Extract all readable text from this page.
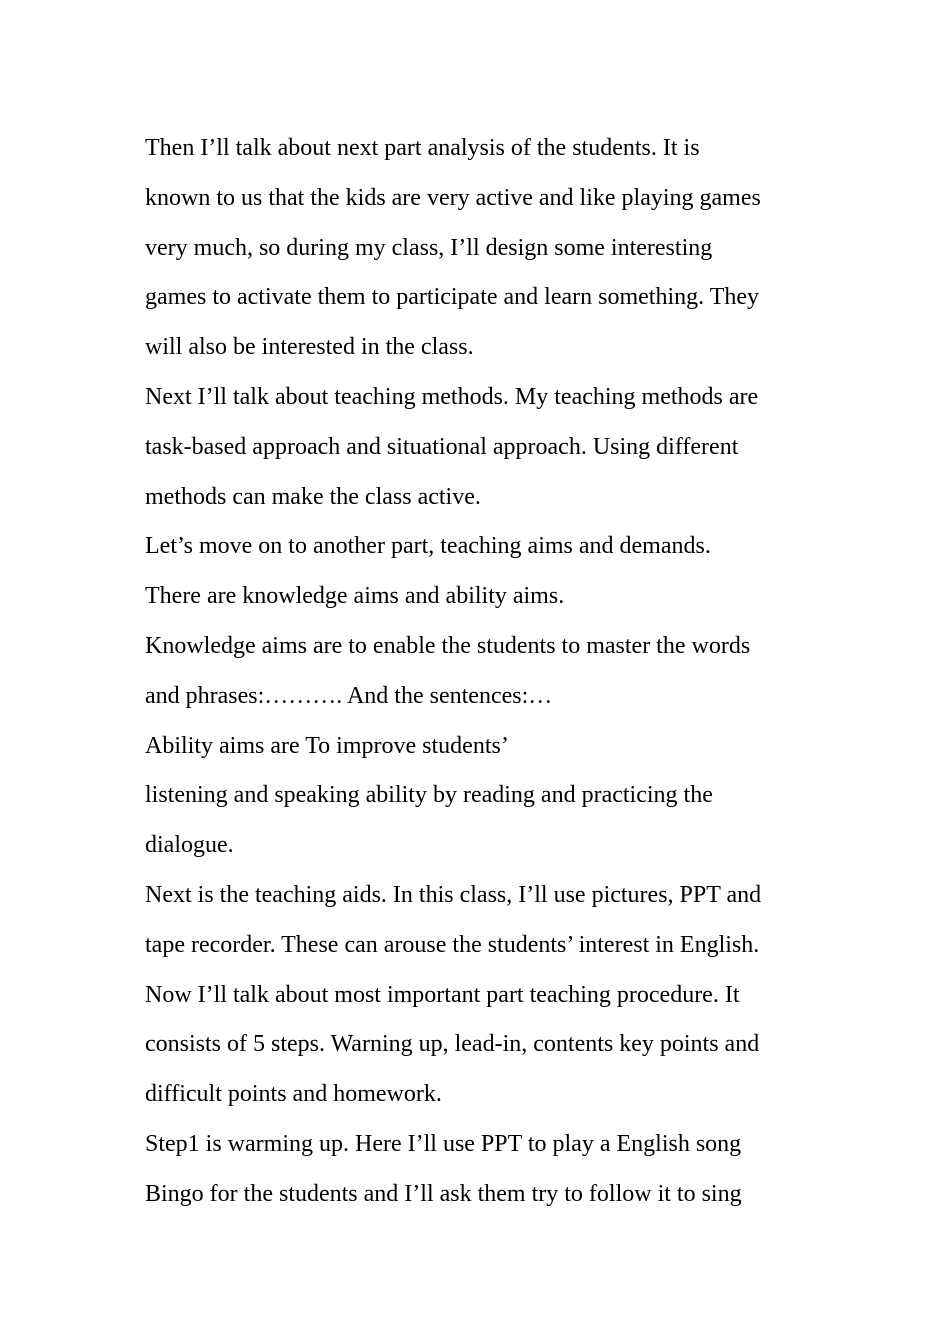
Then I’ll talk about next part analysis of the students. It is
known to us that the kids are very active and like playing games
very much, so during my class, I’ll design some interesting
games to activate them to participate and learn something. They
will also be interested in the class.
Next I’ll talk about teaching methods. My teaching methods are
task-based approach and situational approach. Using different
methods can make the class active.
Let’s move on to another part, teaching aims and demands.
There are knowledge aims and ability aims.
Knowledge aims are to enable the students to master the words
and phrases:………. And the sentences:…
Ability aims are To improve students’
listening and speaking ability by reading and practicing the
dialogue.
Next is the teaching aids. In this class, I’ll use pictures, PPT and
tape recorder. These can arouse the students’ interest in English.
Now I’ll talk about most important part teaching procedure. It
consists of 5 steps. Warning up, lead-in, contents key points and
difficult points and homework.
Step1 is warming up. Here I’ll use PPT to play a English song
Bingo for the students and I’ll ask them try to follow it to sing
